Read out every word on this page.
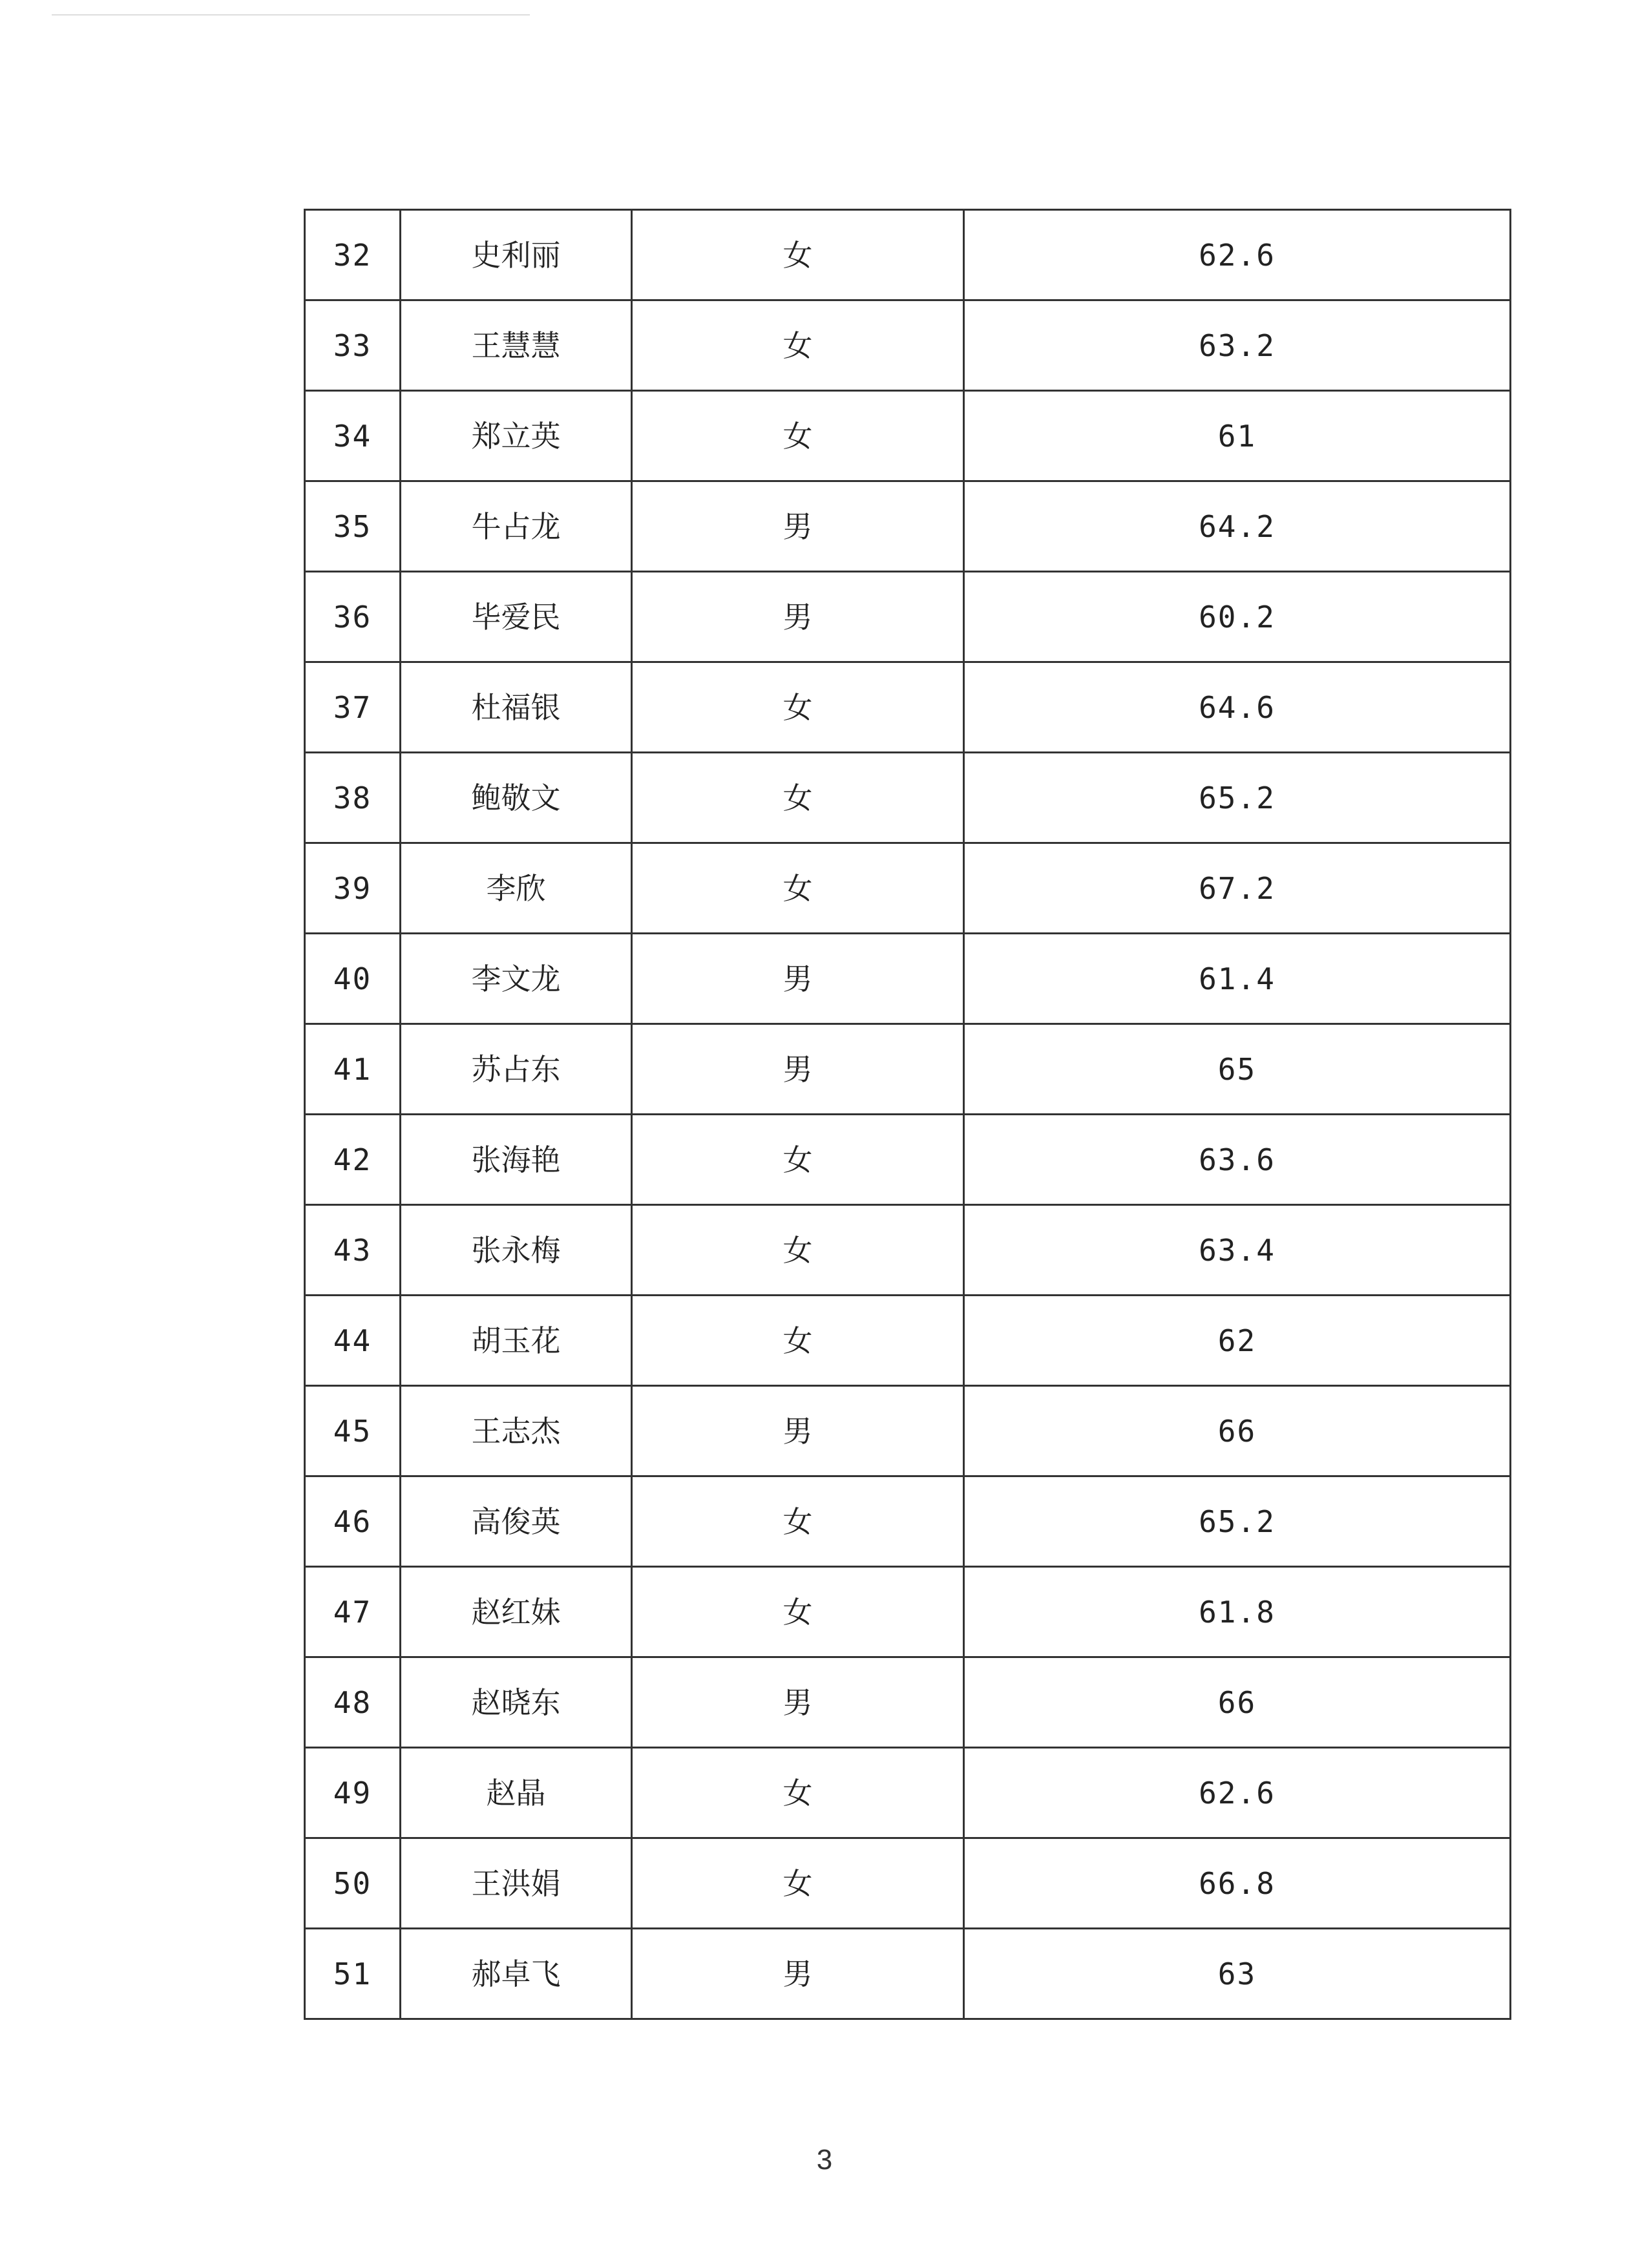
32	史利丽	女	62.6
33	王慧慧	女	63.2
34	郑立英	女	61
35	牛占龙	男	64.2
36	毕爱民	男	60.2
37	杜福银	女	64.6
38	鲍敬文	女	65.2
39	李欣	女	67.2
40	李文龙	男	61.4
41	苏占东	男	65
42	张海艳	女	63.6
43	张永梅	女	63.4
44	胡玉花	女	62
45	王志杰	男	66
46	高俊英	女	65.2
47	赵红妹	女	61.8
48	赵晓东	男	66
49	赵晶	女	62.6
50	王洪娟	女	66.8
51	郝卓飞	男	63
3
